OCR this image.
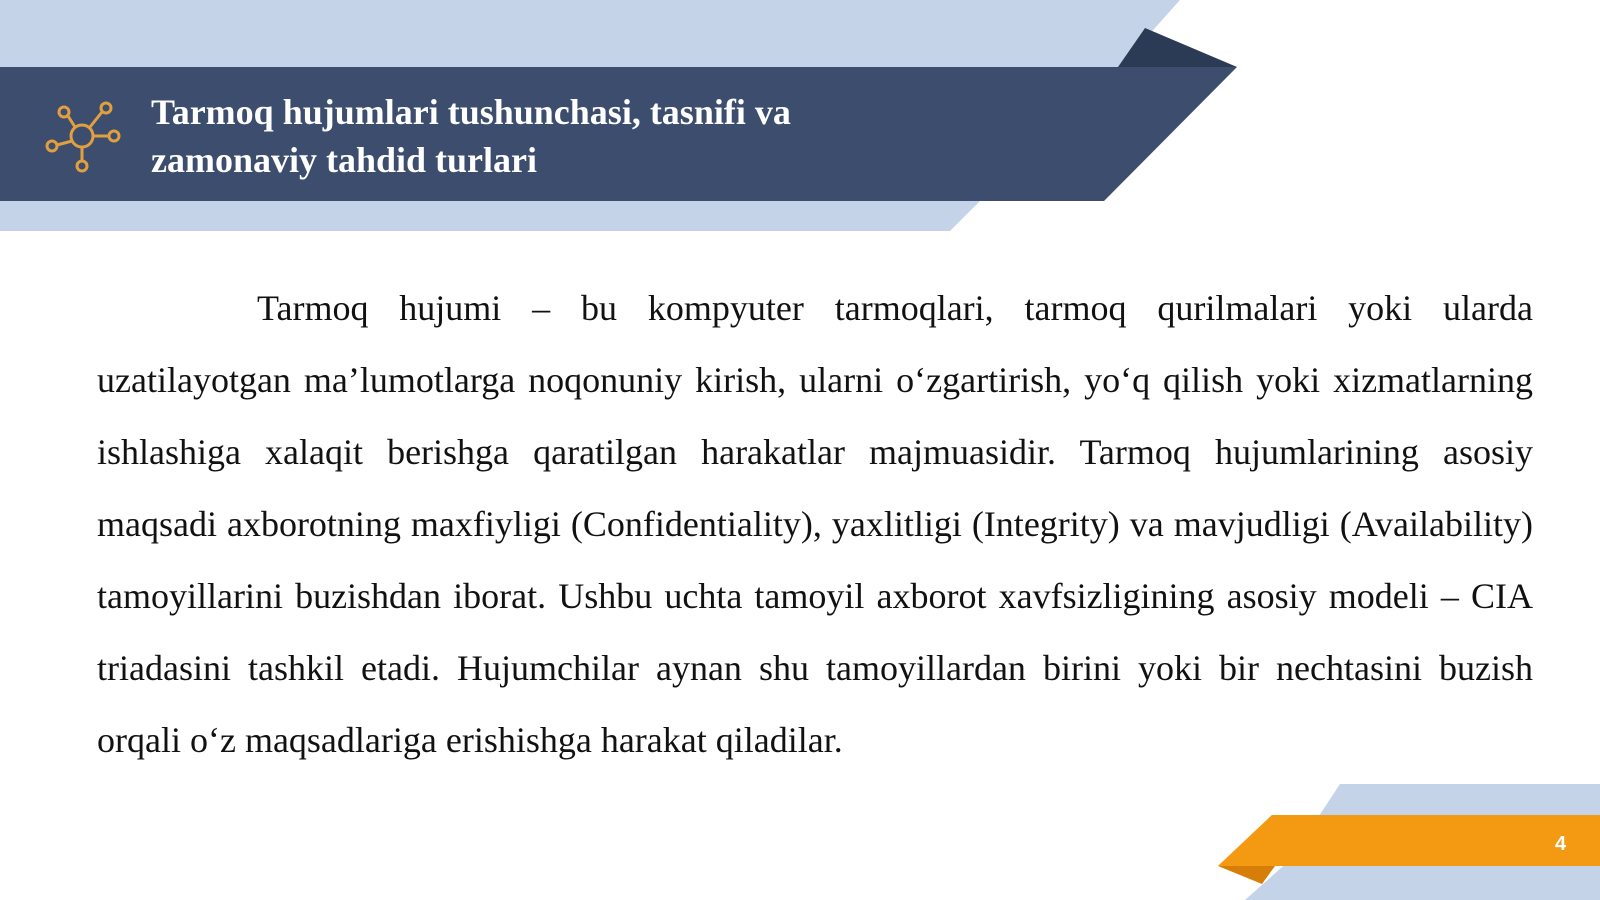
Tarmoq hujumlari tushunchasi, tasnifi va
zamonaviy tahdid turlari

Tarmoq hujumi – bu kompyuter tarmoqlari, tarmoq qurilmalari yoki ularda uzatilayotgan ma’lumotlarga noqonuniy kirish, ularni o‘zgartirish, yo‘q qilish yoki xizmatlarning ishlashiga xalaqit berishga qaratilgan harakatlar majmuasidir. Tarmoq hujumlarining asosiy maqsadi axborotning maxfiyligi (Confidentiality), yaxlitligi (Integrity) va mavjudligi (Availability) tamoyillarini buzishdan iborat. Ushbu uchta tamoyil axborot xavfsizligining asosiy modeli – CIA triadasini tashkil etadi. Hujumchilar aynan shu tamoyillardan birini yoki bir nechtasini buzish orqali o‘z maqsadlariga erishishga harakat qiladilar.

4
